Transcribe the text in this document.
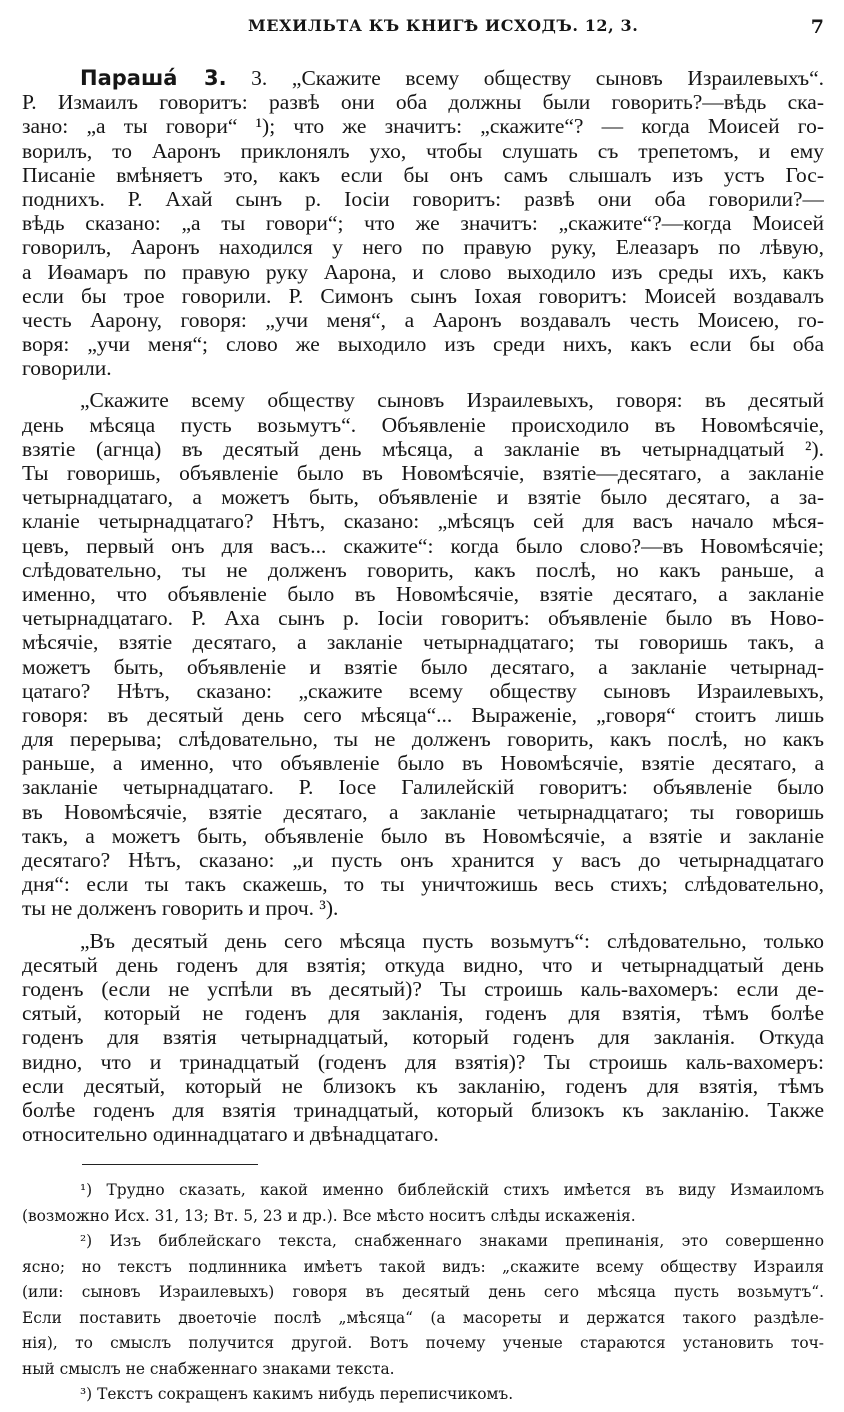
МЕХИЛЬТА КЪ КНИГѢ ИСХОДЪ. 12, 3.	7
Парашá 3. 3. „Скажите всему обществу сыновъ Израилевыхъ“.
Р. Измаилъ говоритъ: развѣ они оба должны были говорить?—вѣдь ска-
зано: „а ты говори“ ¹); что же значитъ: „скажите“? — когда Моисей го-
ворилъ, то Ааронъ приклонялъ ухо, чтобы слушать съ трепетомъ, и ему
Писаніе вмѣняетъ это, какъ если бы онъ самъ слышалъ изъ устъ Гос-
подниxъ. Р. Ахай сынъ р. Іосіи говоритъ: развѣ они оба говорили?—
вѣдь сказано: „а ты говори“; что же значитъ: „скажите“?—когда Моисей
говорилъ, Ааронъ находился у него по правую руку, Елеазаръ по лѣвую,
а Иѳамаръ по правую руку Аарона, и слово выходило изъ среды ихъ, какъ
если бы трое говорили. Р. Симонъ сынъ Іохая говоритъ: Моисей воздавалъ
честь Аарону, говоря: „учи меня“, а Ааронъ воздавалъ честь Моисею, го-
воря: „учи меня“; слово же выходило изъ среди нихъ, какъ если бы оба
говорили.
„Скажите всему обществу сыновъ Израилевыхъ, говоря: въ десятый
день мѣсяца пусть возьмутъ“. Объявленіе происходило въ Новомѣсячіе,
взятіе (агнца) въ десятый день мѣсяца, а закланіе въ четырнадцатый ²).
Ты говоришь, объявленіе было въ Новомѣсячіе, взятіе—десятаго, а закланіе
четырнадцатаго, а можетъ быть, объявленіе и взятіе было десятаго, а за-
кланіе четырнадцатаго? Нѣтъ, сказано: „мѣсяцъ сей для васъ начало мѣся-
цевъ, первый онъ для васъ... скажите“: когда было слово?—въ Новомѣсячіе;
слѣдовательно, ты не долженъ говорить, какъ послѣ, но какъ раньше, а
именно, что объявленіе было въ Новомѣсячіе, взятіе десятаго, а закланіе
четырнадцатаго. Р. Аха сынъ р. Іосіи говоритъ: объявленіе было въ Ново-
мѣсячіе, взятіе десятаго, а закланіе четырнадцатаго; ты говоришь такъ, а
можетъ быть, объявленіе и взятіе было десятаго, а закланіе четырнад-
цатаго? Нѣтъ, сказано: „скажите всему обществу сыновъ Израилевыхъ,
говоря: въ десятый день сего мѣсяца“... Выраженіе, „говоря“ стоитъ лишь
для перерыва; слѣдовательно, ты не долженъ говорить, какъ послѣ, но какъ
раньше, а именно, что объявленіе было въ Новомѣсячіе, взятіе десятаго, а
закланіе четырнадцатаго. Р. Іосе Галилейскій говоритъ: объявленіе было
въ Новомѣсячіе, взятіе десятаго, а закланіе четырнадцатаго; ты говоришь
такъ, а можетъ быть, объявленіе было въ Новомѣсячіе, а взятіе и закланіе
десятаго? Нѣтъ, сказано: „и пусть онъ хранится у васъ до четырнадцатаго
дня“: если ты такъ скажешь, то ты уничтожишь весь стихъ; слѣдовательно,
ты не долженъ говорить и проч. ³).
„Въ десятый день сего мѣсяца пусть возьмутъ“: слѣдовательно, только
десятый день годенъ для взятія; откуда видно, что и четырнадцатый день
годенъ (если не успѣли въ десятый)? Ты строишь каль-вахомеръ: если де-
сятый, который не годенъ для закланія, годенъ для взятія, тѣмъ болѣе
годенъ для взятія четырнадцатый, который годенъ для закланія. Откуда
видно, что и тринадцатый (годенъ для взятія)? Ты строишь каль-вахомеръ:
если десятый, который не близокъ къ закланію, годенъ для взятія, тѣмъ
болѣе годенъ для взятія тринадцатый, который близокъ къ закланію. Также
относительно одиннадцатаго и двѣнадцатаго.
¹) Трудно сказать, какой именно библейскій стихъ имѣется въ виду Измаиломъ
(возможно Исх. 31, 13; Вт. 5, 23 и др.). Все мѣсто носитъ слѣды искаженія.
²) Изъ библейскаго текста, снабженнаго знаками препинанія, это совершенно
ясно; но текстъ подлинника имѣетъ такой видъ: „скажите всему обществу Израиля
(или: сыновъ Израилевыхъ) говоря въ десятый день сего мѣсяца пусть возьмутъ“.
Если поставить двоеточіе послѣ „мѣсяца“ (а масореты и держатся такого раздѣле-
нія), то смыслъ получится другой. Вотъ почему ученые стараются установить точ-
ный смыслъ не снабженнаго знаками текста.
³) Текстъ сокращенъ какимъ нибудь переписчикомъ.
